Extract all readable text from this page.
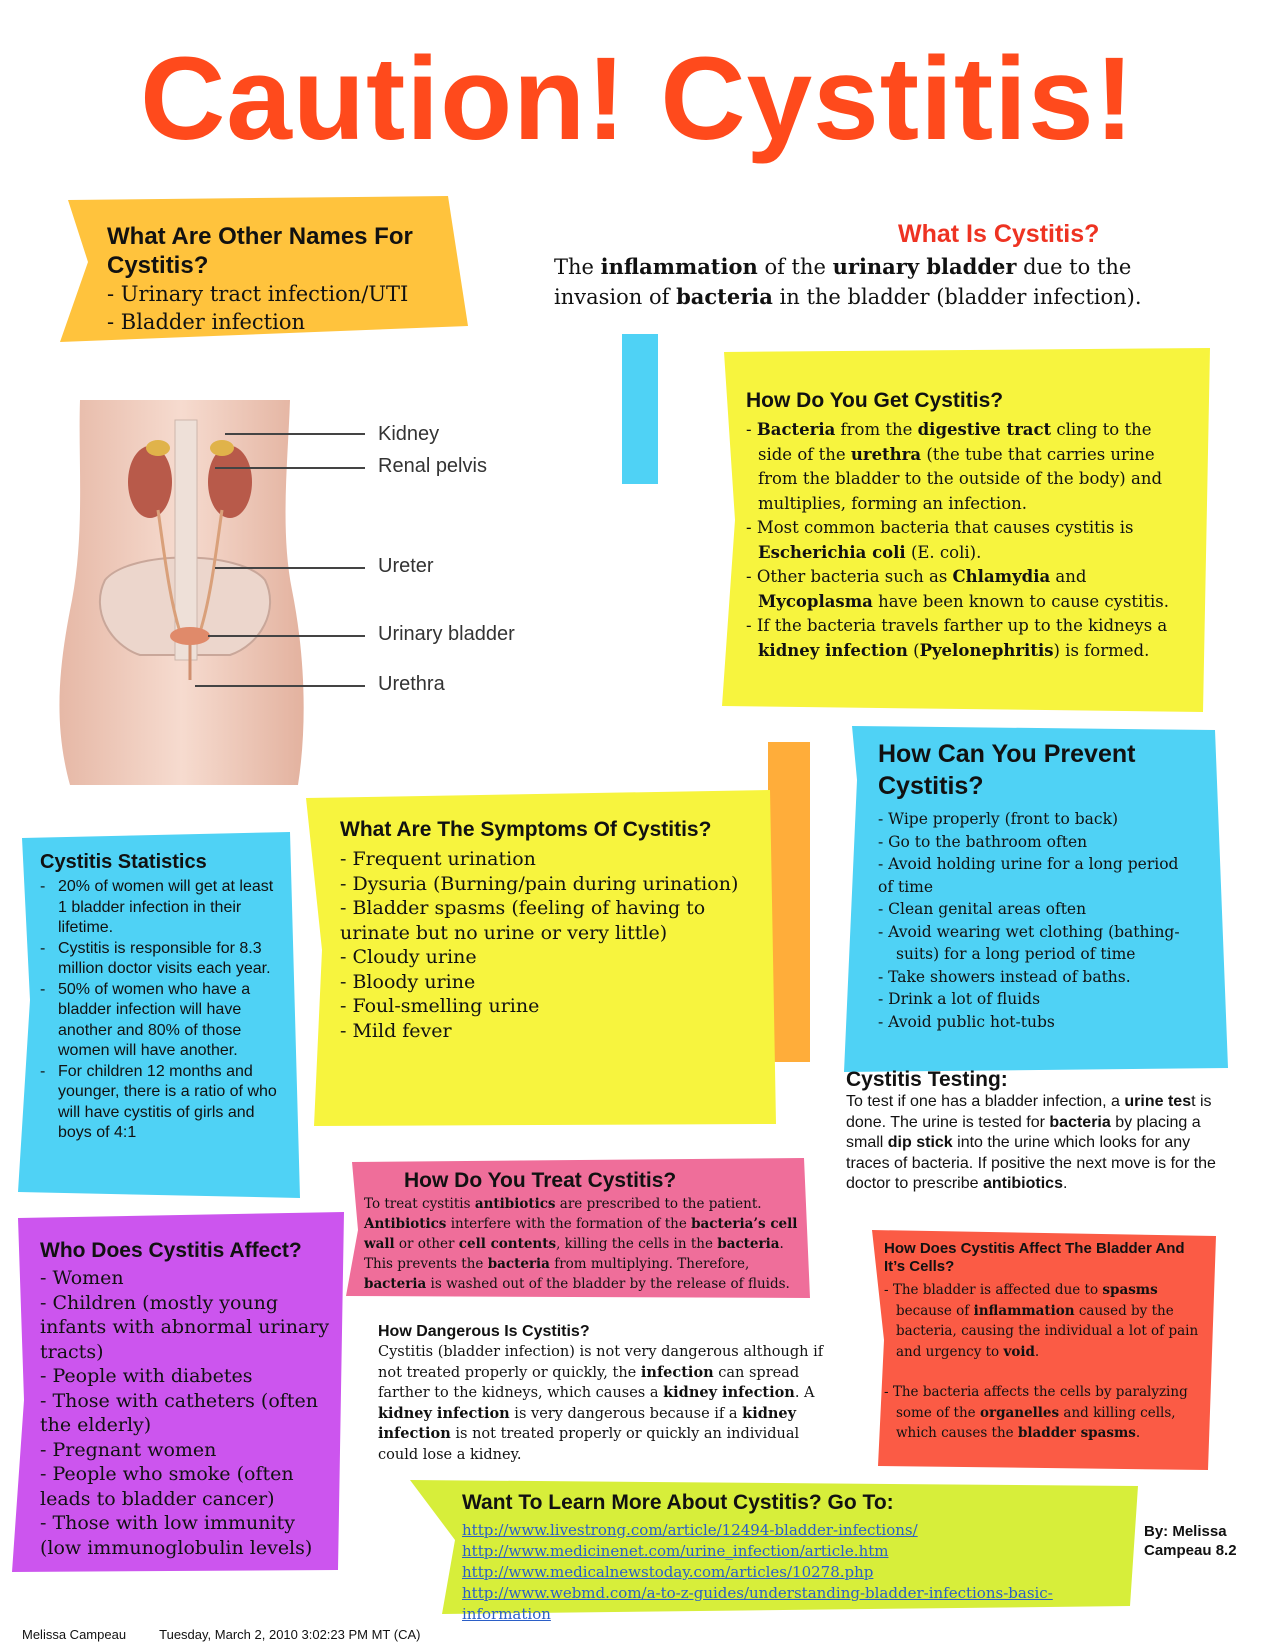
Caution! Cystitis!
What Are Other Names For Cystitis?
- Urinary tract infection/UTI
- Bladder infection
What Is Cystitis?
The inflammation of the urinary bladder due to the invasion of bacteria in the bladder (bladder infection).
Kidney
Renal pelvis
Ureter
Urinary bladder
Urethra
How Do You Get Cystitis?
- Bacteria from the digestive tract cling to the side of the urethra (the tube that carries urine from the bladder to the outside of the body) and multiplies, forming an infection.
- Most common bacteria that causes cystitis is Escherichia coli (E. coli).
- Other bacteria such as Chlamydia and Mycoplasma have been known to cause cystitis.
- If the bacteria travels farther up to the kidneys a kidney infection (Pyelonephritis) is formed.
How Can You Prevent Cystitis?
- Wipe properly (front to back)
- Go to the bathroom often
- Avoid holding urine for a long period of time
- Clean genital areas often
- Avoid wearing wet clothing (bathing-suits) for a long period of time
- Take showers instead of baths.
- Drink a lot of fluids
- Avoid public hot-tubs
What Are The Symptoms Of Cystitis?
- Frequent urination
- Dysuria (Burning/pain during urination)
- Bladder spasms (feeling of having to urinate but no urine or very little)
- Cloudy urine
- Bloody urine
- Foul-smelling urine
- Mild fever
Cystitis Statistics
- 20% of women will get at least 1 bladder infection in their lifetime.
- Cystitis is responsible for 8.3 million doctor visits each year.
- 50% of women who have a bladder infection will have another and 80% of those women will have another.
- For children 12 months and younger, there is a ratio of who will have cystitis of girls and boys of 4:1
Cystitis Testing:
To test if one has a bladder infection, a urine test is done. The urine is tested for bacteria by placing a small dip stick into the urine which looks for any traces of bacteria. If positive the next move is for the doctor to prescribe antibiotics.
How Do You Treat Cystitis?
To treat cystitis antibiotics are prescribed to the patient. Antibiotics interfere with the formation of the bacteria’s cell wall or other cell contents, killing the cells in the bacteria. This prevents the bacteria from multiplying. Therefore, bacteria is washed out of the bladder by the release of fluids.
How Does Cystitis Affect The Bladder And It’s Cells?
- The bladder is affected due to spasms because of inflammation caused by the bacteria, causing the individual a lot of pain and urgency to void.
- The bacteria affects the cells by paralyzing some of the organelles and killing cells, which causes the bladder spasms.
Who Does Cystitis Affect?
- Women
- Children (mostly young infants with abnormal urinary tracts)
- People with diabetes
- Those with catheters (often the elderly)
- Pregnant women
- People who smoke (often leads to bladder cancer)
- Those with low immunity (low immunoglobulin levels)
How Dangerous Is Cystitis?
Cystitis (bladder infection) is not very dangerous although if not treated properly or quickly, the infection can spread farther to the kidneys, which causes a kidney infection. A kidney infection is very dangerous because if a kidney infection is not treated properly or quickly an individual could lose a kidney.
Want To Learn More About Cystitis? Go To:
http://www.livestrong.com/article/12494-bladder-infections/
http://www.medicinenet.com/urine_infection/article.htm
http://www.medicalnewstoday.com/articles/10278.php
http://www.webmd.com/a-to-z-guides/understanding-bladder-infections-basic-information
By: Melissa
Campeau 8.2
Melissa Campeau	Tuesday, March 2, 2010 3:02:23 PM MT (CA)
